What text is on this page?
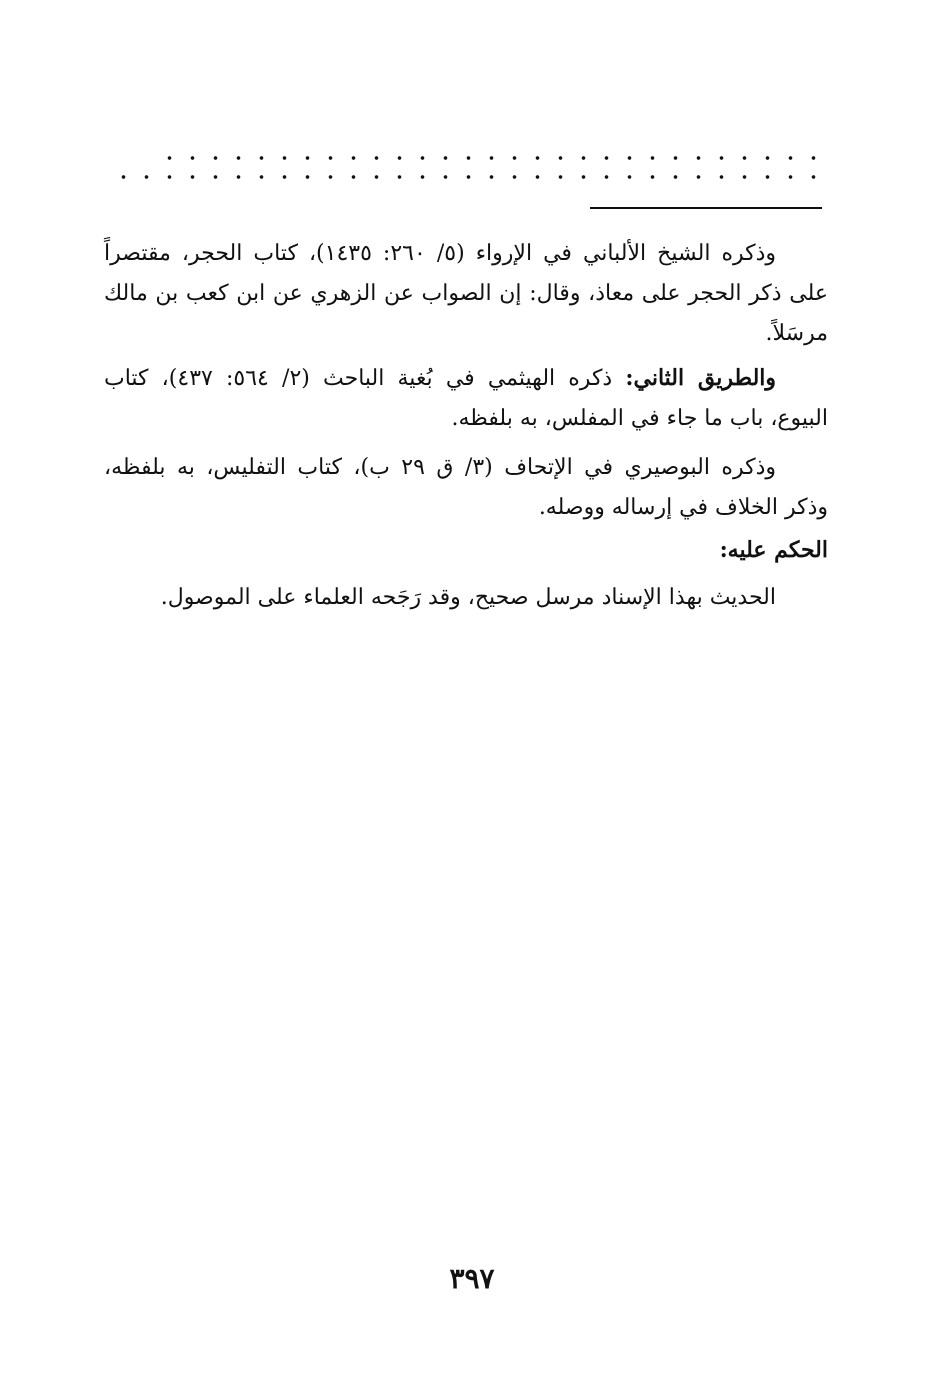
وذكره الشيخ الألباني في الإرواء (٥/ ٢٦٠: ١٤٣٥)، كتاب الحجر، مقتصراً على ذكر الحجر على معاذ، وقال: إن الصواب عن الزهري عن ابن كعب بن مالك مرسَلاً.

والطريق الثاني: ذكره الهيثمي في بُغية الباحث (٢/ ٥٦٤: ٤٣٧)، كتاب البيوع، باب ما جاء في المفلس، به بلفظه.

وذكره البوصيري في الإتحاف (٣/ ق ٢٩ ب)، كتاب التفليس، به بلفظه، وذكر الخلاف في إرساله ووصله.

الحكم عليه:

الحديث بهذا الإسناد مرسل صحيح، وقد رَجَحه العلماء على الموصول.

٣٩٧
